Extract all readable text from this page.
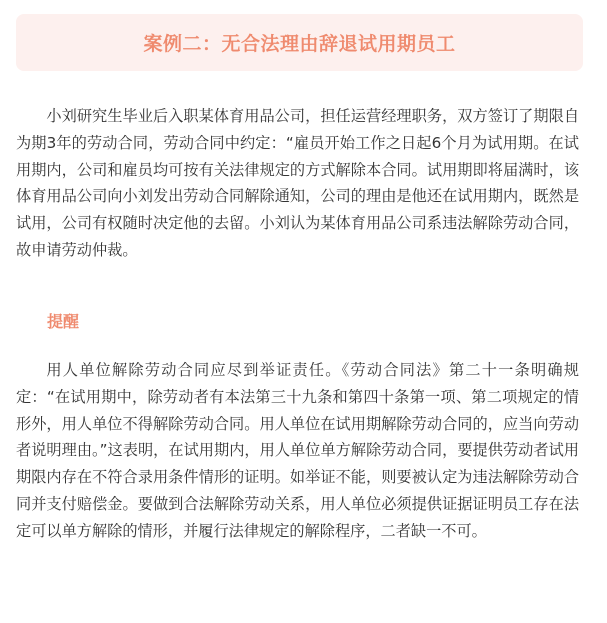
案例二：无合法理由辞退试用期员工

小刘研究生毕业后入职某体育用品公司，担任运营经理职务，双方签订了期限自为期3年的劳动合同，劳动合同中约定：“雇员开始工作之日起6个月为试用期。在试用期内，公司和雇员均可按有关法律规定的方式解除本合同。试用期即将届满时，该体育用品公司向小刘发出劳动合同解除通知，公司的理由是他还在试用期内，既然是试用，公司有权随时决定他的去留。小刘认为某体育用品公司系违法解除劳动合同，故申请劳动仲裁。

提醒

用人单位解除劳动合同应尽到举证责任。《劳动合同法》第二十一条明确规定：“在试用期中，除劳动者有本法第三十九条和第四十条第一项、第二项规定的情形外，用人单位不得解除劳动合同。用人单位在试用期解除劳动合同的，应当向劳动者说明理由。”这表明，在试用期内，用人单位单方解除劳动合同，要提供劳动者试用期限内存在不符合录用条件情形的证明。如举证不能，则要被认定为违法解除劳动合同并支付赔偿金。要做到合法解除劳动关系，用人单位必须提供证据证明员工存在法定可以单方解除的情形，并履行法律规定的解除程序，二者缺一不可。
